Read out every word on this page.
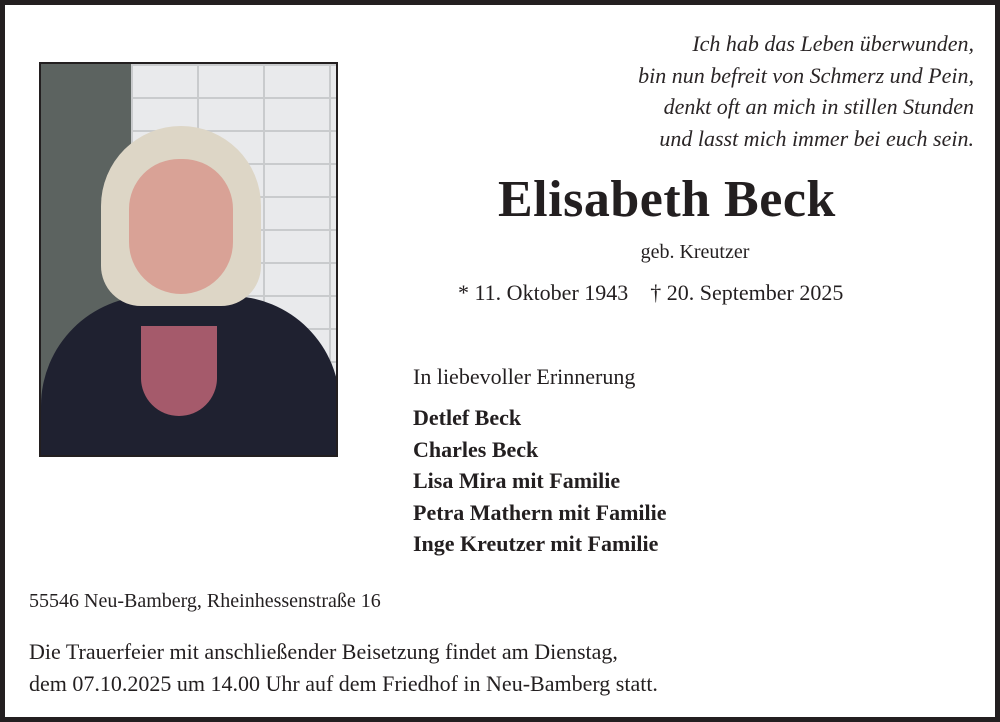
Ich hab das Leben überwunden,
bin nun befreit von Schmerz und Pein,
denkt oft an mich in stillen Stunden
und lasst mich immer bei euch sein.
Elisabeth Beck
geb. Kreutzer
* 11. Oktober 1943 † 20. September 2025
In liebevoller Erinnerung
Detlef Beck
Charles Beck
Lisa Mira mit Familie
Petra Mathern mit Familie
Inge Kreutzer mit Familie
55546 Neu-Bamberg, Rheinhessenstraße 16
Die Trauerfeier mit anschließender Beisetzung findet am Dienstag,
dem 07.10.2025 um 14.00 Uhr auf dem Friedhof in Neu-Bamberg statt.
